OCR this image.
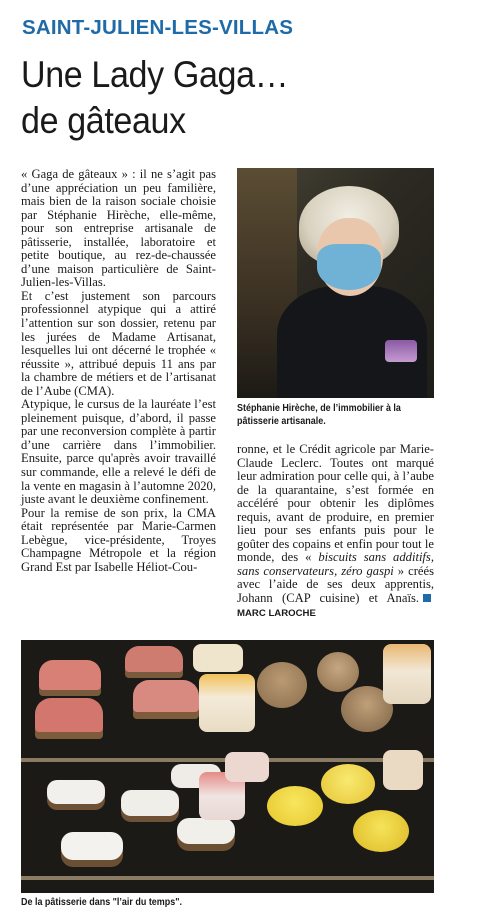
SAINT-JULIEN-LES-VILLAS
Une Lady Gaga…
de gâteaux

« Gaga de gâteaux » : il ne s’agit pas d’une appréciation un peu familière, mais bien de la raison sociale choisie par Stéphanie Hirèche, elle-même, pour son entreprise artisanale de pâtisserie, installée, laboratoire et petite boutique, au rez-de-chaussée d’une maison particulière de Saint-Julien-les-Villas.

Et c’est justement son parcours professionnel atypique qui a attiré l’attention sur son dossier, retenu par les jurées de Madame Artisanat, lesquelles lui ont décerné le trophée « réussite », attribué depuis 11 ans par la chambre de métiers et de l’artisanat de l’Aube (CMA).

Atypique, le cursus de la lauréate l’est pleinement puisque, d’abord, il passe par une reconversion complète à partir d’une carrière dans l’immobilier. Ensuite, parce qu'après avoir travaillé sur commande, elle a relevé le défi de la vente en magasin à l’automne 2020, juste avant le deuxième confinement.

Pour la remise de son prix, la CMA était représentée par Marie-Carmen Lebègue, vice-présidente, Troyes Champagne Métropole et la région Grand Est par Isabelle Héliot-Cou-

Stéphanie Hirèche, de l’immobilier à la pâtisserie artisanale.

ronne, et le Crédit agricole par Marie-Claude Leclerc. Toutes ont marqué leur admiration pour celle qui, à l’aube de la quarantaine, s’est formée en accéléré pour obtenir les diplômes requis, avant de produire, en premier lieu pour ses enfants puis pour le goûter des copains et enfin pour tout le monde, des « biscuits sans additifs, sans conservateurs, zéro gaspi » créés avec l’aide de ses deux apprentis, Johann (CAP cuisine) et Anaïs.MARC LAROCHE

De la pâtisserie dans "l’air du temps".
